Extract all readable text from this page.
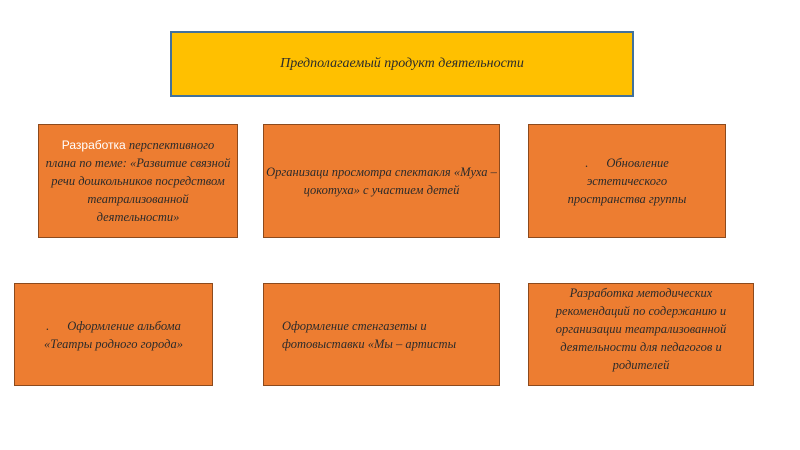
Предполагаемый продукт деятельности
Разработка перспективного плана по теме: «Развитие связной речи дошкольников посредством театрализованной деятельности»
Организаци просмотра спектакля «Муха –цокотуха» с участием детей
. Обновление эстетического пространства группы
. Оформление альбома «Театры родного города»
Оформление стенгазеты и фотовыставки «Мы – артисты
Разработка методических рекомендаций по содержанию и организации театрализованной деятельности для педагогов и родителей
